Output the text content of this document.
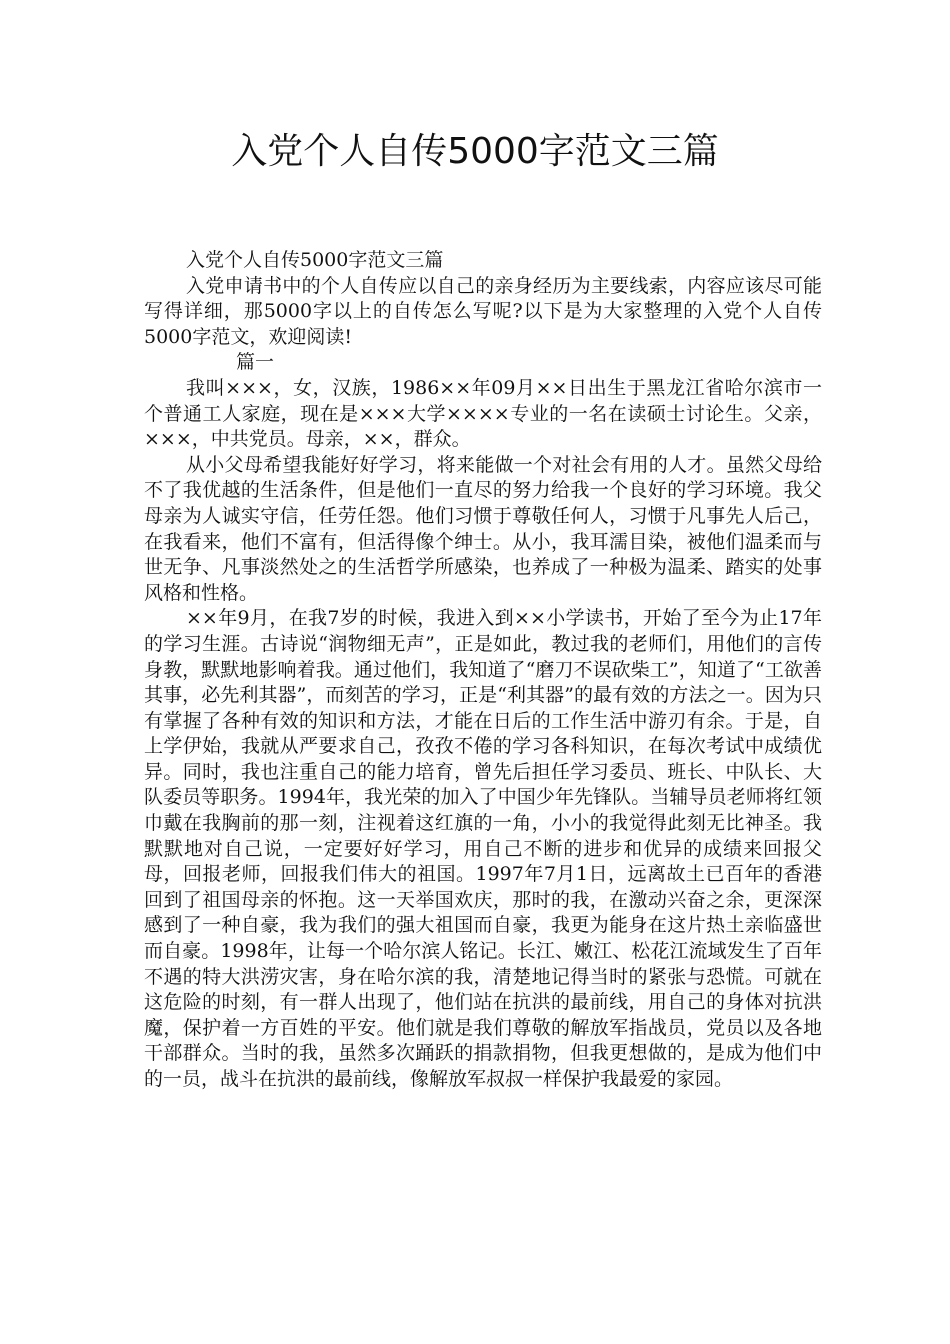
入党个人自传5000字范文三篇

入党个人自传5000字范文三篇

入党申请书中的个人自传应以自己的亲身经历为主要线索，内容应该尽可能写得详细，那5000字以上的自传怎么写呢?以下是为大家整理的入党个人自传5000字范文，欢迎阅读!

篇一

我叫×××，女，汉族，1986××年09月××日出生于黑龙江省哈尔滨市一个普通工人家庭，现在是×××大学××××专业的一名在读硕士讨论生。父亲，×××，中共党员。母亲，××，群众。

从小父母希望我能好好学习，将来能做一个对社会有用的人才。虽然父母给不了我优越的生活条件，但是他们一直尽的努力给我一个良好的学习环境。我父母亲为人诚实守信，任劳任怨。他们习惯于尊敬任何人，习惯于凡事先人后己，在我看来，他们不富有，但活得像个绅士。从小，我耳濡目染，被他们温柔而与世无争、凡事淡然处之的生活哲学所感染，也养成了一种极为温柔、踏实的处事风格和性格。

××年9月，在我7岁的时候，我进入到××小学读书，开始了至今为止17年的学习生涯。古诗说“润物细无声”，正是如此，教过我的老师们，用他们的言传身教，默默地影响着我。通过他们，我知道了“磨刀不误砍柴工”，知道了“工欲善其事，必先利其器”，而刻苦的学习，正是“利其器”的最有效的方法之一。因为只有掌握了各种有效的知识和方法，才能在日后的工作生活中游刃有余。于是，自上学伊始，我就从严要求自己，孜孜不倦的学习各科知识，在每次考试中成绩优异。同时，我也注重自己的能力培育，曾先后担任学习委员、班长、中队长、大队委员等职务。1994年，我光荣的加入了中国少年先锋队。当辅导员老师将红领巾戴在我胸前的那一刻，注视着这红旗的一角，小小的我觉得此刻无比神圣。我默默地对自己说，一定要好好学习，用自己不断的进步和优异的成绩来回报父母，回报老师，回报我们伟大的祖国。1997年7月1日，远离故土已百年的香港回到了祖国母亲的怀抱。这一天举国欢庆，那时的我，在激动兴奋之余，更深深感到了一种自豪，我为我们的强大祖国而自豪，我更为能身在这片热土亲临盛世而自豪。1998年，让每一个哈尔滨人铭记。长江、嫩江、松花江流域发生了百年不遇的特大洪涝灾害，身在哈尔滨的我，清楚地记得当时的紧张与恐慌。可就在这危险的时刻，有一群人出现了，他们站在抗洪的最前线，用自己的身体对抗洪魔，保护着一方百姓的平安。他们就是我们尊敬的解放军指战员，党员以及各地干部群众。当时的我，虽然多次踊跃的捐款捐物，但我更想做的，是成为他们中的一员，战斗在抗洪的最前线，像解放军叔叔一样保护我最爱的家园。
